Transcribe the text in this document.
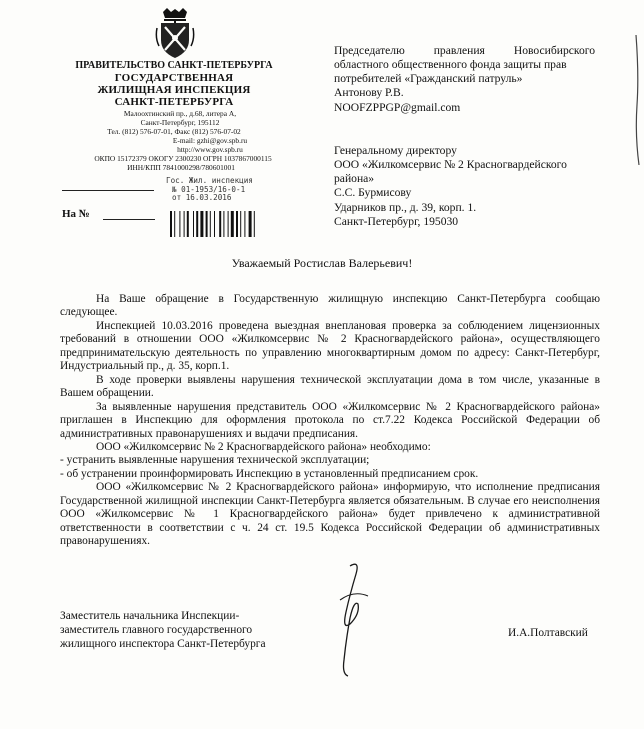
ПРАВИТЕЛЬСТВО САНКТ-ПЕТЕРБУРГА
ГОСУДАРСТВЕННАЯ
ЖИЛИЩНАЯ ИНСПЕКЦИЯ
САНКТ-ПЕТЕРБУРГА
Малоохтинский пр., д.68, литера А,
Санкт-Петербург, 195112
Тел. (812) 576-07-01, Факс (812) 576-07-02
E-mail: gzhi@gov.spb.ru
http://www.gov.spb.ru
ОКПО 15172379 ОКОГУ 2300230 ОГРН 1037867000115
ИНН/КПП 7841000298/780601001
На №
Гос. Жил. инспекция
№ 01-1953/16-0-1
от 16.03.2016
Председателю          правления          Новосибирского
областного общественного фонда защиты прав
потребителей «Гражданский патруль»
Антонову Р.В.
NOOFZPPGP@gmail.com
Генеральному директору
ООО «Жилкомсервис № 2 Красногвардейского
района»
С.С. Бурмисову
Ударников пр., д. 39, корп. 1.
Санкт-Петербург, 195030
Уважаемый Ростислав Валерьевич!

На Ваше обращение в Государственную жилищную инспекцию Санкт-Петербурга сообщаю следующее.

Инспекцией 10.03.2016 проведена выездная внеплановая проверка за соблюдением лицензионных требований в отношении ООО «Жилкомсервис № 2 Красногвардейского района», осуществляющего предпринимательскую деятельность по управлению многоквартирным домом по адресу: Санкт-Петербург, Индустриальный пр., д. 35, корп.1.

В ходе проверки выявлены нарушения технической эксплуатации дома в том числе, указанные в Вашем обращении.

За выявленные нарушения представитель ООО «Жилкомсервис № 2 Красногвардейского района» приглашен в Инспекцию для оформления протокола по ст.7.22 Кодекса Российской Федерации об административных правонарушениях и выдачи предписания.

ООО «Жилкомсервис № 2 Красногвардейского района» необходимо:

- устранить выявленные нарушения технической эксплуатации;

- об устранении проинформировать Инспекцию в установленный предписанием срок.

ООО «Жилкомсервис № 2 Красногвардейского района» информирую, что исполнение предписания Государственной жилищной инспекции Санкт-Петербурга является обязательным. В случае его неисполнения ООО «Жилкомсервис № 1 Красногвардейского района» будет привлечено к административной ответственности в соответствии с ч. 24 ст. 19.5 Кодекса Российской Федерации об административных правонарушениях.

Заместитель начальника Инспекции-
заместитель главного государственного
жилищного инспектора Санкт-Петербурга
И.А.Полтавский
